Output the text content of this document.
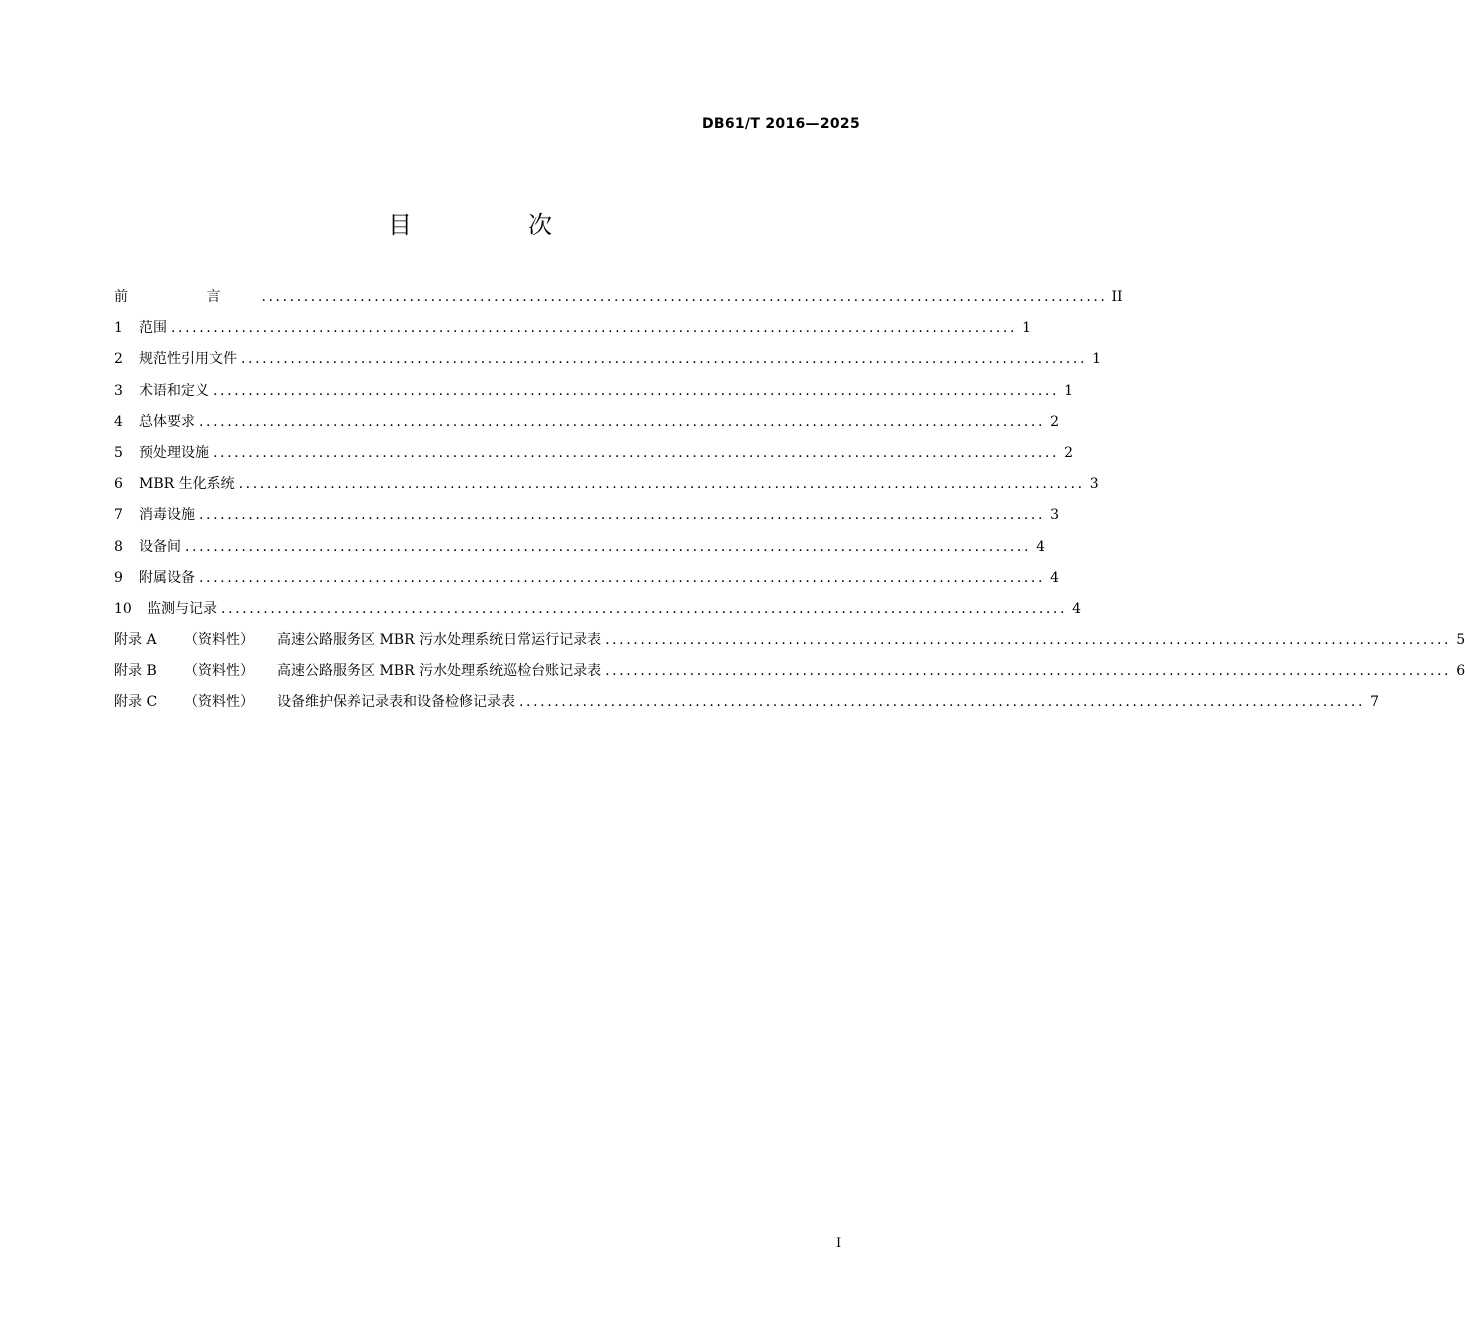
DB61/T 2016—2025
目　次
前 言 ........................................................................................................................ II
1	范围 ........................................................................................................................ 1
2	规范性引用文件 ........................................................................................................................ 1
3	术语和定义 ........................................................................................................................ 1
4	总体要求 ........................................................................................................................ 2
5	预处理设施 ........................................................................................................................ 2
6	MBR 生化系统 ........................................................................................................................ 3
7	消毒设施 ........................................................................................................................ 3
8	设备间 ........................................................................................................................ 4
9	附属设备 ........................................................................................................................ 4
10	监测与记录 ........................................................................................................................ 4
附录 A	（资料性）	高速公路服务区 MBR 污水处理系统日常运行记录表 ........................................................................................................................ 5
附录 B	（资料性）	高速公路服务区 MBR 污水处理系统巡检台账记录表 ........................................................................................................................ 6
附录 C	（资料性）	设备维护保养记录表和设备检修记录表 ........................................................................................................................ 7
I
